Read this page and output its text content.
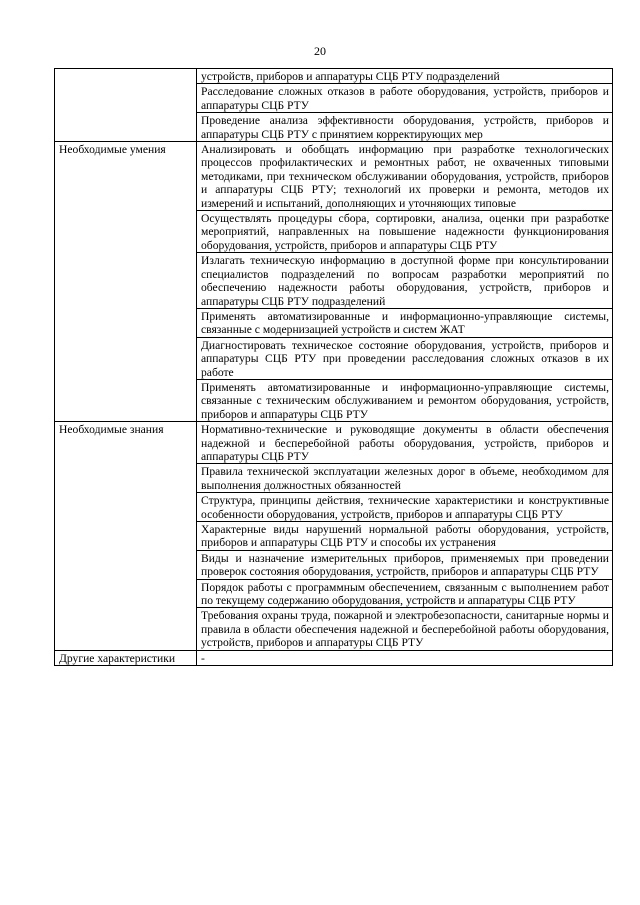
20
	устройств, приборов и аппаратуры СЦБ РТУ подразделений
	Расследование сложных отказов в работе оборудования, устройств, приборов и аппаратуры СЦБ РТУ
	Проведение анализа эффективности оборудования, устройств, приборов и аппаратуры СЦБ РТУ с принятием корректирующих мер
Необходимые умения	Анализировать и обобщать информацию при разработке технологических процессов профилактических и ремонтных работ, не охваченных типовыми методиками, при техническом обслуживании оборудования, устройств, приборов и аппаратуры СЦБ РТУ; технологий их проверки и ремонта, методов их измерений и испытаний, дополняющих и уточняющих типовые
	Осуществлять процедуры сбора, сортировки, анализа, оценки при разработке мероприятий, направленных на повышение надежности функционирования оборудования, устройств, приборов и аппаратуры СЦБ РТУ
	Излагать техническую информацию в доступной форме при консультировании специалистов подразделений по вопросам разработки мероприятий по обеспечению надежности работы оборудования, устройств, приборов и аппаратуры СЦБ РТУ подразделений
	Применять автоматизированные и информационно-управляющие системы, связанные с модернизацией устройств и систем ЖАТ
	Диагностировать техническое состояние оборудования, устройств, приборов и аппаратуры СЦБ РТУ при проведении расследования сложных отказов в их работе
	Применять автоматизированные и информационно-управляющие системы, связанные с техническим обслуживанием и ремонтом оборудования, устройств, приборов и аппаратуры СЦБ РТУ
Необходимые знания	Нормативно-технические и руководящие документы в области обеспечения надежной и бесперебойной работы оборудования, устройств, приборов и аппаратуры СЦБ РТУ
	Правила технической эксплуатации железных дорог в объеме, необходимом для выполнения должностных обязанностей
	Структура, принципы действия, технические характеристики и конструктивные особенности оборудования, устройств, приборов и аппаратуры СЦБ РТУ
	Характерные виды нарушений нормальной работы оборудования, устройств, приборов и аппаратуры СЦБ РТУ и способы их устранения
	Виды и назначение измерительных приборов, применяемых при проведении проверок состояния оборудования, устройств, приборов и аппаратуры СЦБ РТУ
	Порядок работы с программным обеспечением, связанным с выполнением работ по текущему содержанию оборудования, устройств и аппаратуры СЦБ РТУ
	Требования охраны труда, пожарной и электробезопасности, санитарные нормы и правила в области обеспечения надежной и бесперебойной работы оборудования, устройств, приборов и аппаратуры СЦБ РТУ
Другие характеристики	-
